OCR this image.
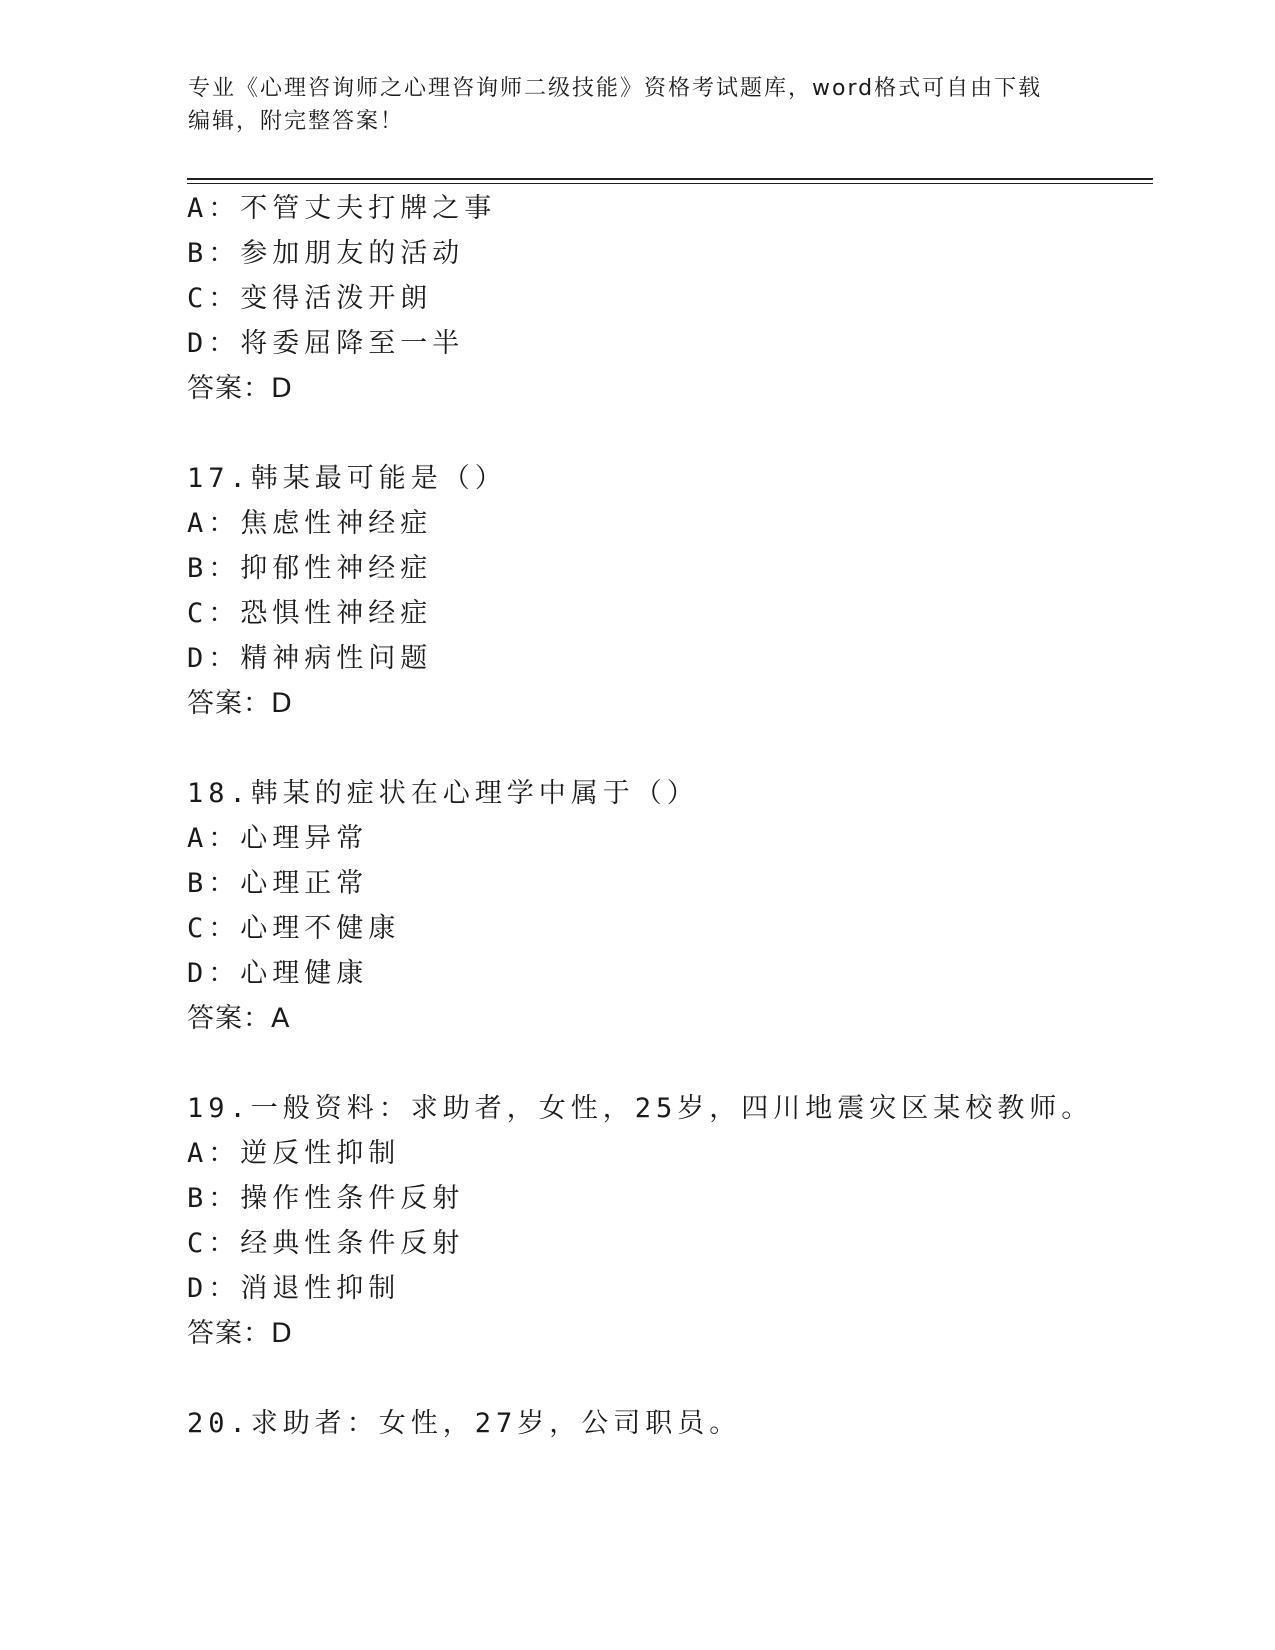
专业《心理咨询师之心理咨询师二级技能》资格考试题库，word格式可自由下载
编辑，附完整答案！
A：不管丈夫打牌之事
B：参加朋友的活动
C：变得活泼开朗
D：将委屈降至一半
答案：D
17.韩某最可能是（）
A：焦虑性神经症
B：抑郁性神经症
C：恐惧性神经症
D：精神病性问题
答案：D
18.韩某的症状在心理学中属于（）
A：心理异常
B：心理正常
C：心理不健康
D：心理健康
答案：A
19.一般资料：求助者，女性，25岁，四川地震灾区某校教师。
A：逆反性抑制
B：操作性条件反射
C：经典性条件反射
D：消退性抑制
答案：D
20.求助者：女性，27岁，公司职员。
